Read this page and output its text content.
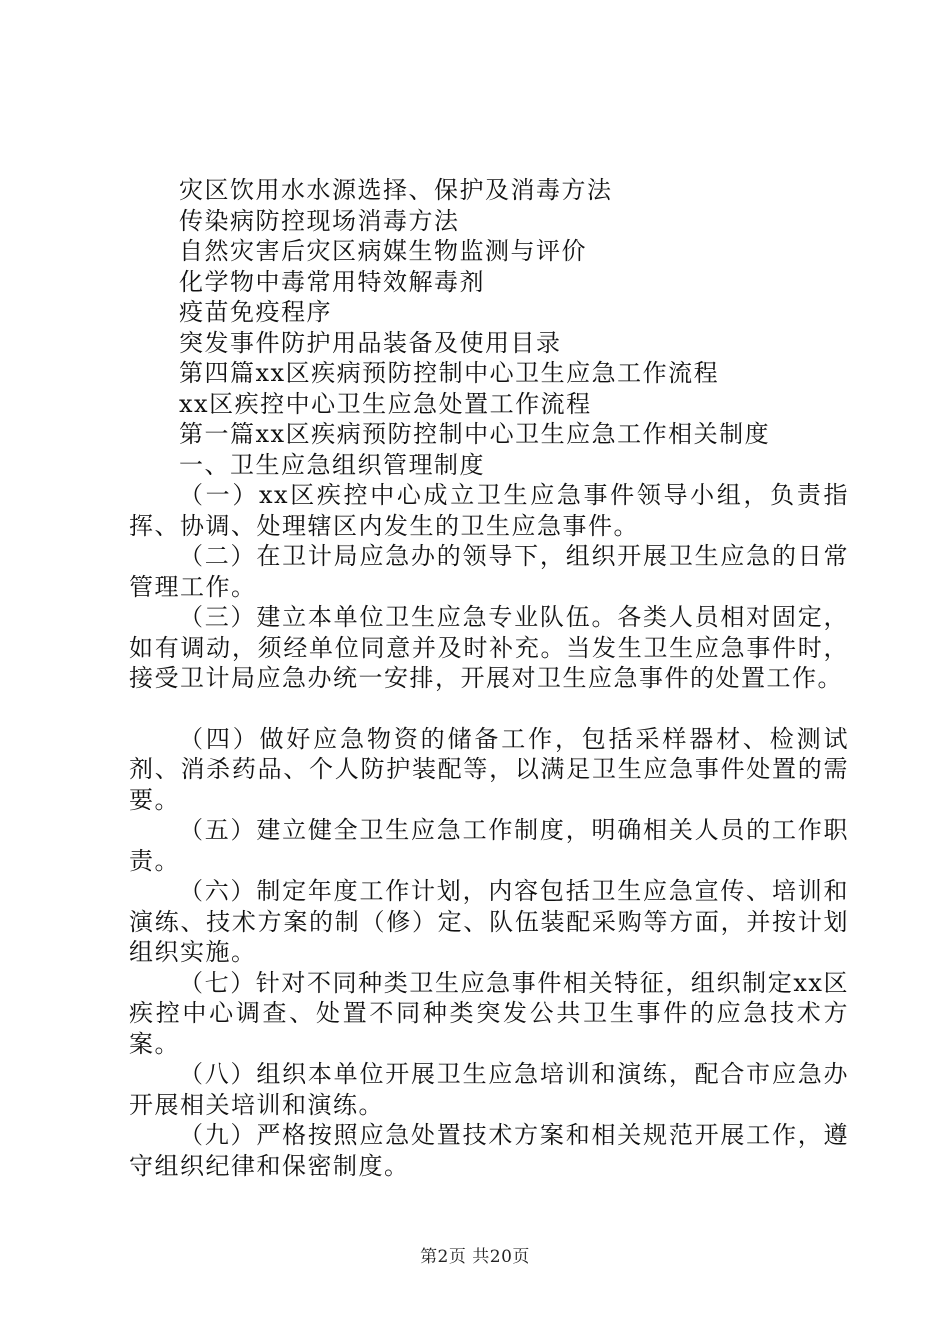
灾区饮用水水源选择、保护及消毒方法

传染病防控现场消毒方法

自然灾害后灾区病媒生物监测与评价

化学物中毒常用特效解毒剂

疫苗免疫程序

突发事件防护用品装备及使用目录

第四篇xx区疾病预防控制中心卫生应急工作流程

xx区疾控中心卫生应急处置工作流程

第一篇xx区疾病预防控制中心卫生应急工作相关制度

一、卫生应急组织管理制度

（一）xx区疾控中心成立卫生应急事件领导小组，负责指挥、协调、处理辖区内发生的卫生应急事件。

（二）在卫计局应急办的领导下，组织开展卫生应急的日常管理工作。

（三）建立本单位卫生应急专业队伍。各类人员相对固定，如有调动，须经单位同意并及时补充。当发生卫生应急事件时，接受卫计局应急办统一安排，开展对卫生应急事件的处置工作。

（四）做好应急物资的储备工作，包括采样器材、检测试剂、消杀药品、个人防护装配等，以满足卫生应急事件处置的需要。

（五）建立健全卫生应急工作制度，明确相关人员的工作职责。

（六）制定年度工作计划，内容包括卫生应急宣传、培训和演练、技术方案的制（修）定、队伍装配采购等方面，并按计划组织实施。

（七）针对不同种类卫生应急事件相关特征，组织制定xx区疾控中心调查、处置不同种类突发公共卫生事件的应急技术方案。

（八）组织本单位开展卫生应急培训和演练，配合市应急办开展相关培训和演练。

（九）严格按照应急处置技术方案和相关规范开展工作，遵守组织纪律和保密制度。

第2页 共20页
